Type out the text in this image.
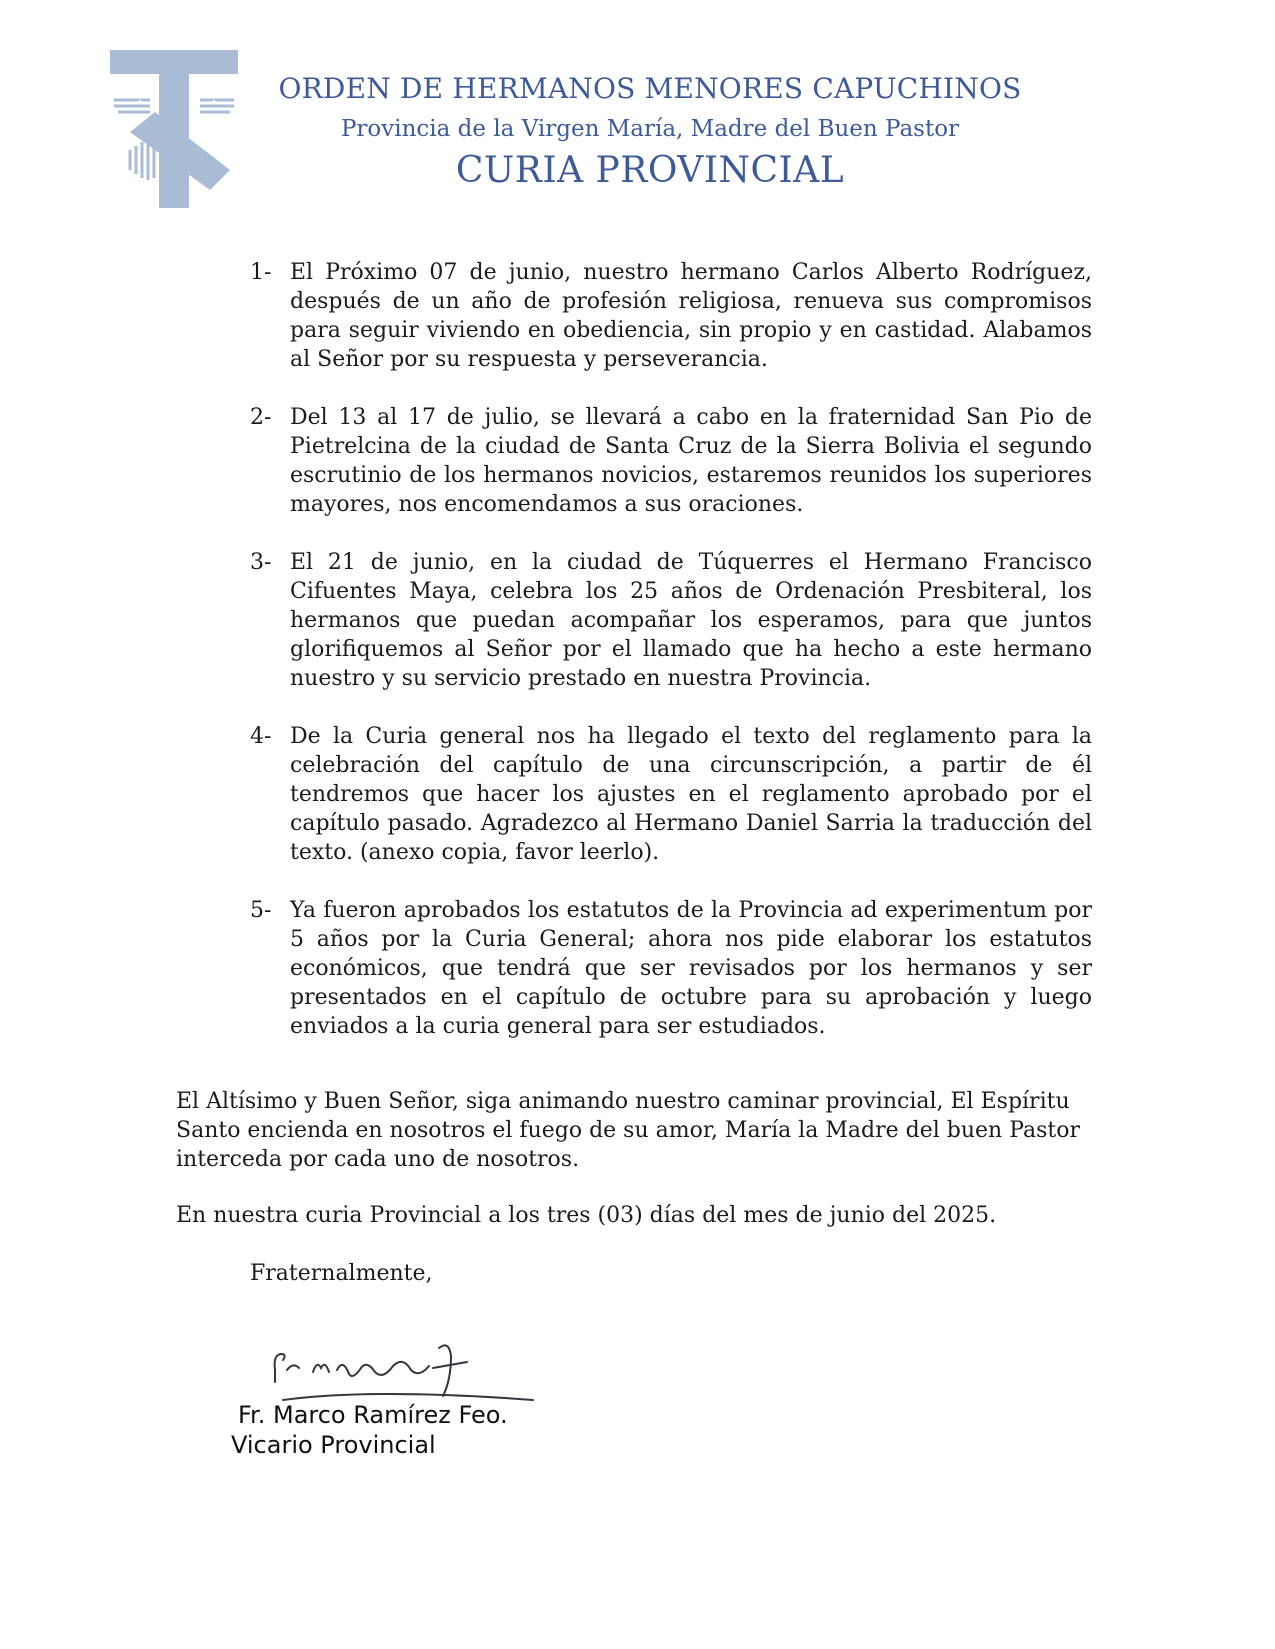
ORDEN DE HERMANOS MENORES CAPUCHINOS
Provincia de la Virgen María, Madre del Buen Pastor
CURIA PROVINCIAL
1- El Próximo 07 de junio, nuestro hermano Carlos Alberto Rodríguez, después de un año de profesión religiosa, renueva sus compromisos para seguir viviendo en obediencia, sin propio y en castidad. Alabamos al Señor por su respuesta y perseverancia.
2- Del 13 al 17 de julio, se llevará a cabo en la fraternidad San Pio de Pietrelcina de la ciudad de Santa Cruz de la Sierra Bolivia el segundo escrutinio de los hermanos novicios, estaremos reunidos los superiores mayores, nos encomendamos a sus oraciones.
3- El 21 de junio, en la ciudad de Túquerres el Hermano Francisco Cifuentes Maya, celebra los 25 años de Ordenación Presbiteral, los hermanos que puedan acompañar los esperamos, para que juntos glorifiquemos al Señor por el llamado que ha hecho a este hermano nuestro y su servicio prestado en nuestra Provincia.
4- De la Curia general nos ha llegado el texto del reglamento para la celebración del capítulo de una circunscripción, a partir de él tendremos que hacer los ajustes en el reglamento aprobado por el capítulo pasado. Agradezco al Hermano Daniel Sarria la traducción del texto. (anexo copia, favor leerlo).
5- Ya fueron aprobados los estatutos de la Provincia ad experimentum por 5 años por la Curia General; ahora nos pide elaborar los estatutos económicos, que tendrá que ser revisados por los hermanos y ser presentados en el capítulo de octubre para su aprobación y luego enviados a la curia general para ser estudiados.
El Altísimo y Buen Señor, siga animando nuestro caminar provincial, El Espíritu Santo encienda en nosotros el fuego de su amor, María la Madre del buen Pastor interceda por cada uno de nosotros.
En nuestra curia Provincial a los tres (03) días del mes de junio del 2025.
Fraternalmente,
Fr. Marco Ramírez Feo.
Vicario Provincial
